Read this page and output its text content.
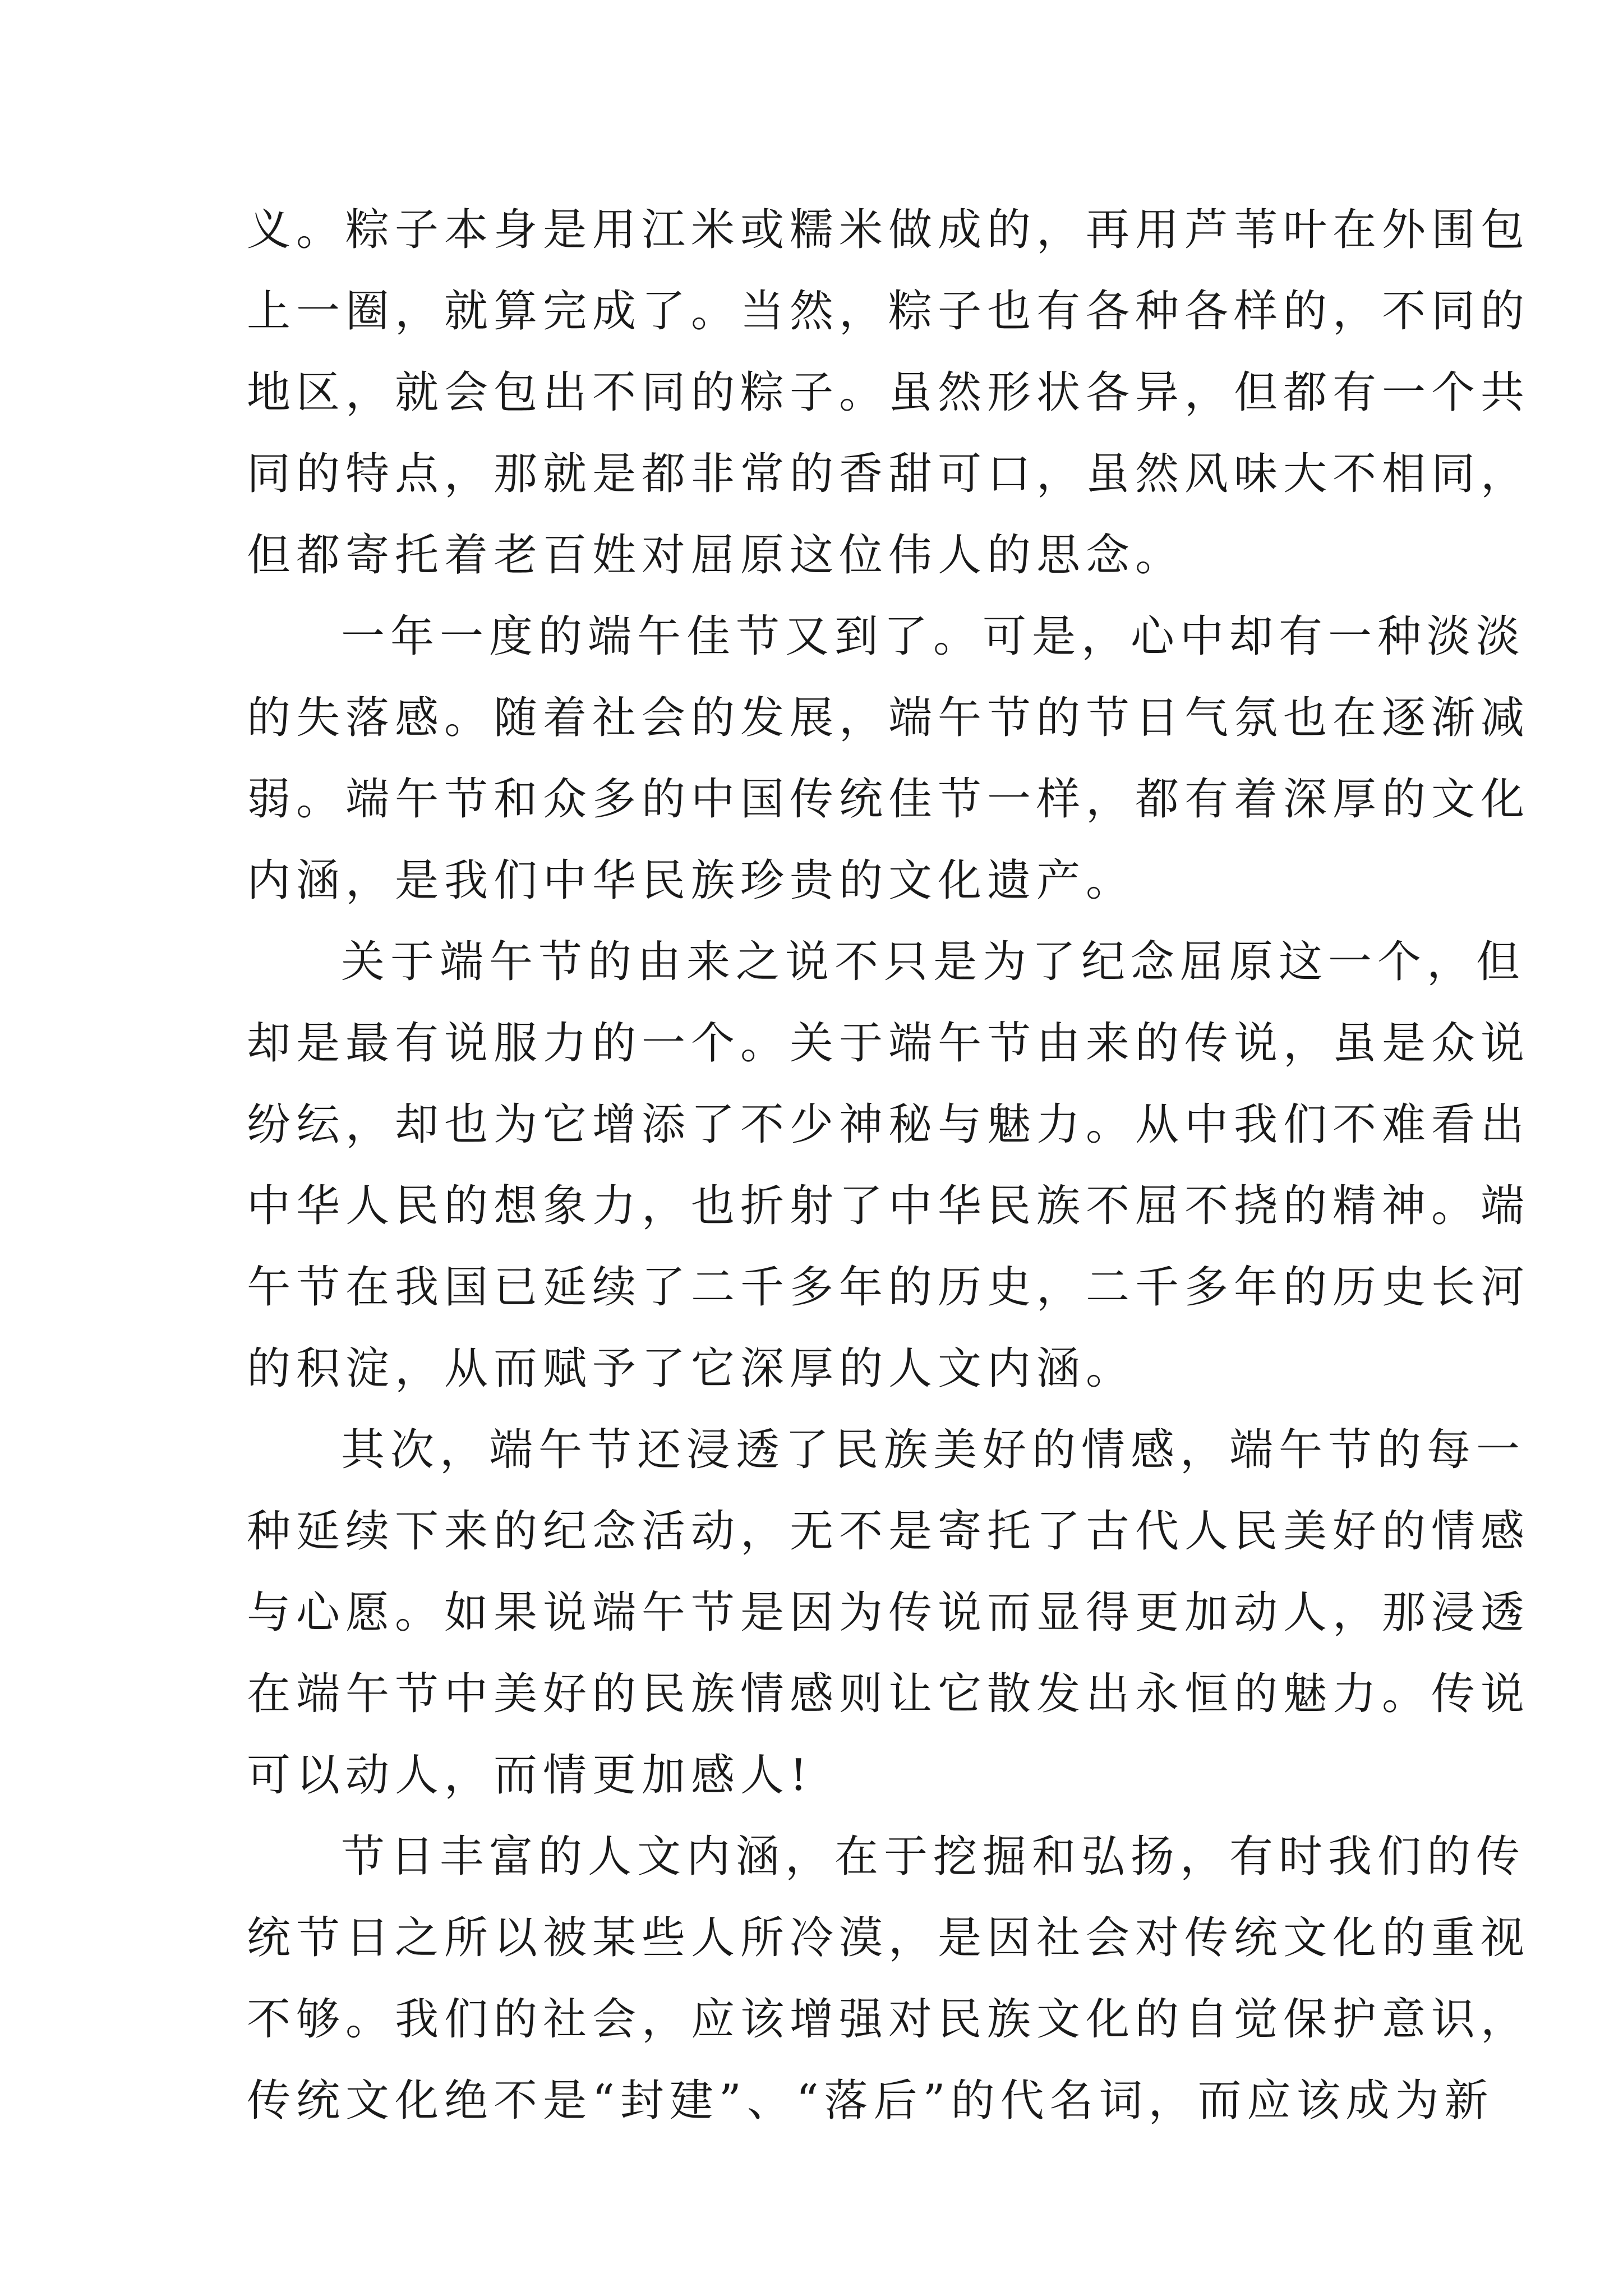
义。粽子本身是用江米或糯米做成的，再用芦苇叶在外围包
上一圈，就算完成了。当然，粽子也有各种各样的，不同的
地区，就会包出不同的粽子。虽然形状各异，但都有一个共
同的特点，那就是都非常的香甜可口，虽然风味大不相同，
但都寄托着老百姓对屈原这位伟人的思念。
一年一度的端午佳节又到了。可是，心中却有一种淡淡
的失落感。随着社会的发展，端午节的节日气氛也在逐渐减
弱。端午节和众多的中国传统佳节一样，都有着深厚的文化
内涵，是我们中华民族珍贵的文化遗产。
关于端午节的由来之说不只是为了纪念屈原这一个，但
却是最有说服力的一个。关于端午节由来的传说，虽是众说
纷纭，却也为它增添了不少神秘与魅力。从中我们不难看出
中华人民的想象力，也折射了中华民族不屈不挠的精神。端
午节在我国已延续了二千多年的历史，二千多年的历史长河
的积淀，从而赋予了它深厚的人文内涵。
其次，端午节还浸透了民族美好的情感，端午节的每一
种延续下来的纪念活动，无不是寄托了古代人民美好的情感
与心愿。如果说端午节是因为传说而显得更加动人，那浸透
在端午节中美好的民族情感则让它散发出永恒的魅力。传说
可以动人，而情更加感人!
节日丰富的人文内涵，在于挖掘和弘扬，有时我们的传
统节日之所以被某些人所冷漠，是因社会对传统文化的重视
不够。我们的社会，应该增强对民族文化的自觉保护意识，
传统文化绝不是“封建”、“落后”的代名词，而应该成为新
